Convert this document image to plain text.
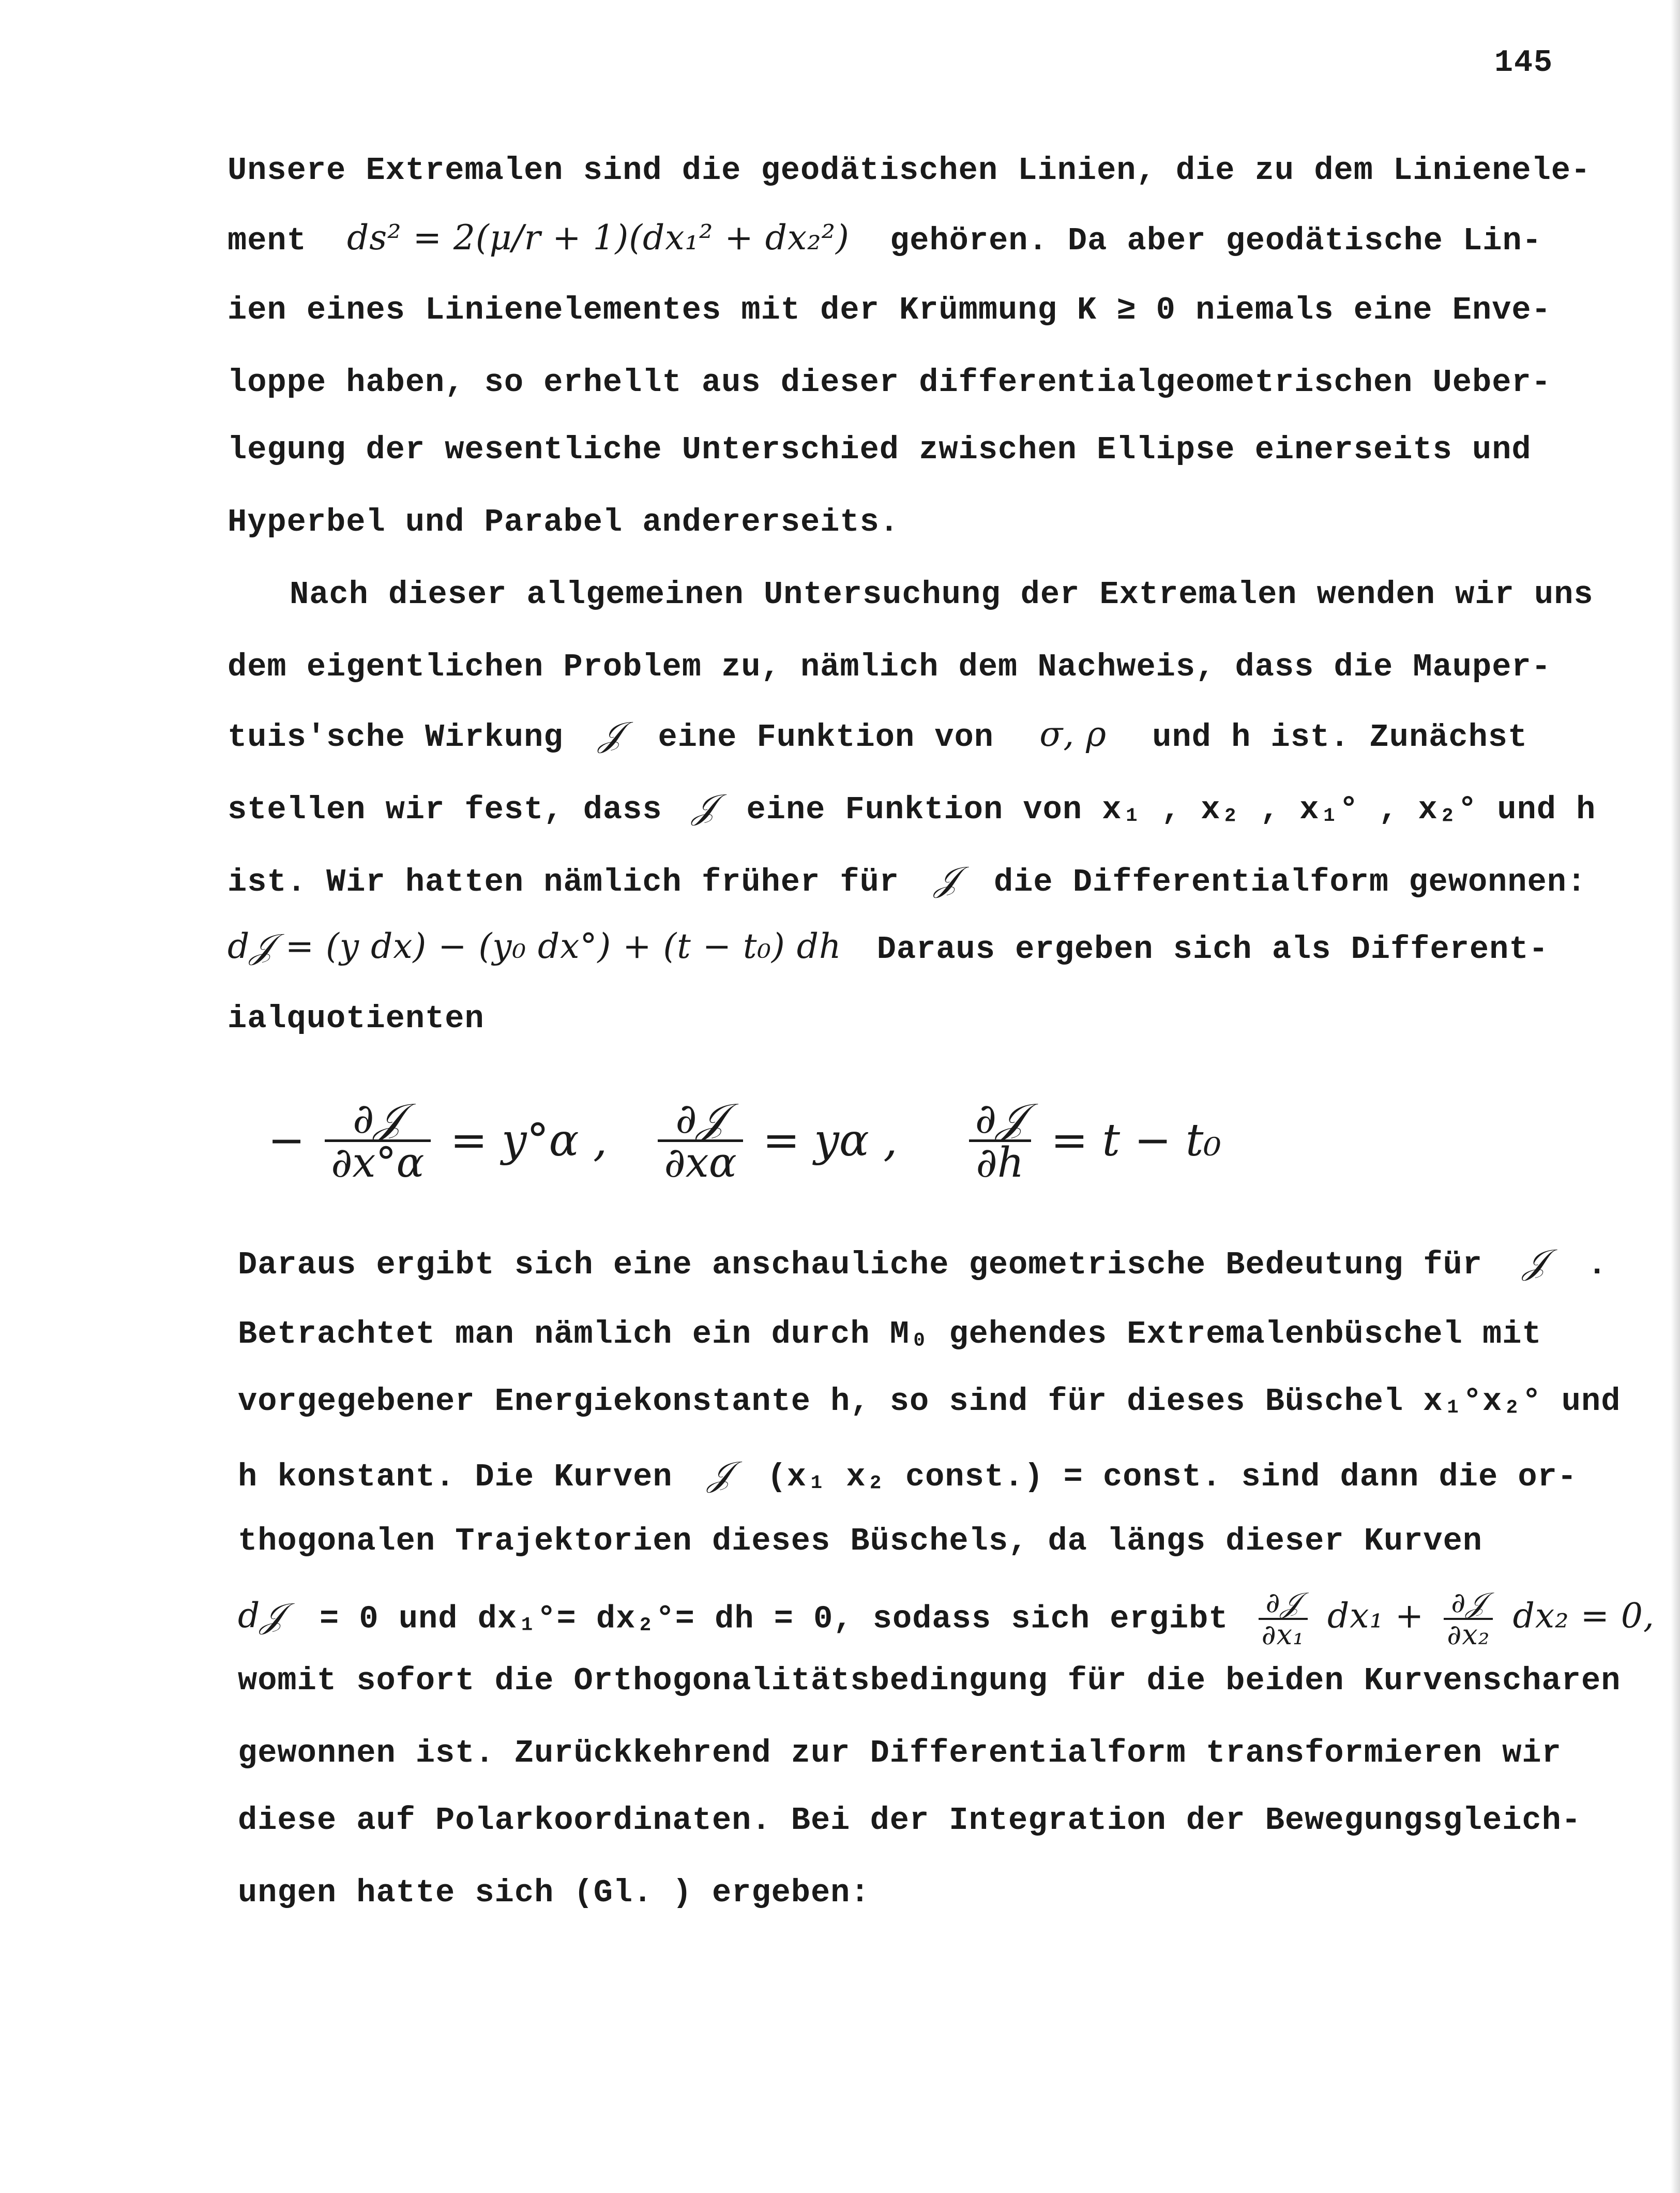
145
Unsere Extremalen sind die geodätischen Linien, die zu dem Linienele-
ment ds² = 2(μ/r + 1)(dx₁² + dx₂²) gehören. Da aber geodätische Lin-
ien eines Linienelementes mit der Krümmung K ≥ 0 niemals eine Enve-
loppe haben, so erhellt aus dieser differentialgeometrischen Ueber-
legung der wesentliche Unterschied zwischen Ellipse einerseits und
Hyperbel und Parabel andererseits.
Nach dieser allgemeinen Untersuchung der Extremalen wenden wir uns
dem eigentlichen Problem zu, nämlich dem Nachweis, dass die Mauper-
tuis'sche Wirkung 𝒥 eine Funktion von σ, ρ und h ist. Zunächst
stellen wir fest, dass 𝒥 eine Funktion von x₁ , x₂ , x₁° , x₂° und h
ist. Wir hatten nämlich früher für 𝒥 die Differentialform gewonnen:
d𝒥 = (y dx) − (y₀ dx°) + (t − t₀) dh Daraus ergeben sich als Different-
ialquotienten
− $\frac{\text{∂𝒥}}{\partial x^\circ\alpha} = y^\circ\alpha$ , $\frac{\text{∂𝒥}}{\partial x\alpha} = y\alpha$ , $\frac{\text{∂𝒥}}{\partial h} = t - t_0$
Daraus ergibt sich eine anschauliche geometrische Bedeutung für 𝒥 .
Betrachtet man nämlich ein durch M₀ gehendes Extremalenbüschel mit
vorgegebener Energiekonstante h, so sind für dieses Büschel x₁°x₂° und
h konstant. Die Kurven 𝒥 (x₁ x₂ const.) = const. sind dann die or-
thogonalen Trajektorien dieses Büschels, da längs dieser Kurven
d𝒥 = 0 und dx₁°= dx₂°= dh = 0, sodass sich ergibt $\frac{\text{∂𝒥}}{\text{∂x₁}} dx_1 + \frac{\text{∂𝒥}}{\text{∂x₂}} dx_2 = 0$,
womit sofort die Orthogonalitätsbedingung für die beiden Kurvenscharen
gewonnen ist. Zurückkehrend zur Differentialform transformieren wir
diese auf Polarkoordinaten. Bei der Integration der Bewegungsgleich-
ungen hatte sich (Gl. ) ergeben:
